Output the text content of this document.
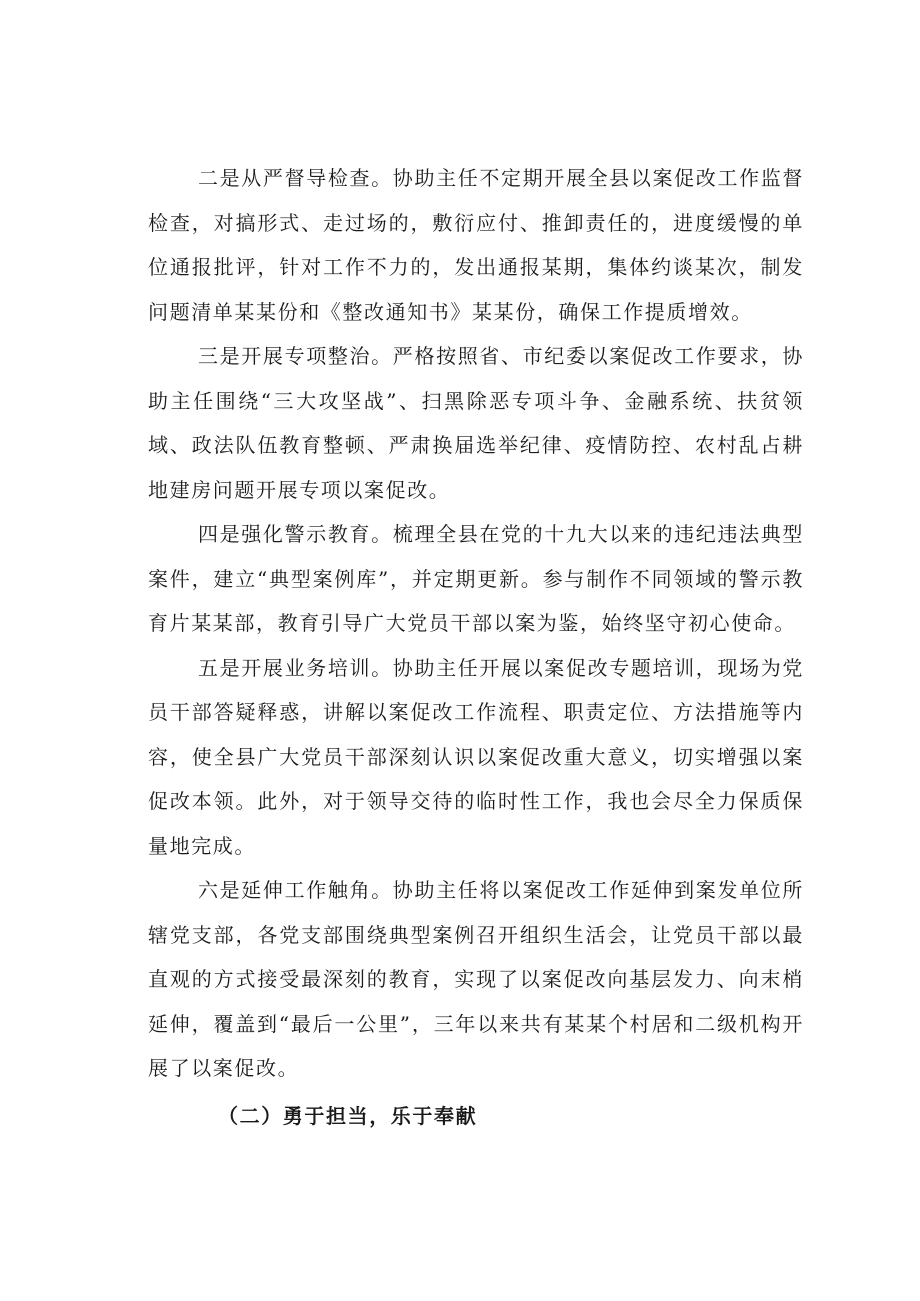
二是从严督导检查。协助主任不定期开展全县以案促改工作监督检查，对搞形式、走过场的，敷衍应付、推卸责任的，进度缓慢的单位通报批评，针对工作不力的，发出通报某期，集体约谈某次，制发问题清单某某份和《整改通知书》某某份，确保工作提质增效。

三是开展专项整治。严格按照省、市纪委以案促改工作要求，协助主任围绕“三大攻坚战”、扫黑除恶专项斗争、金融系统、扶贫领域、政法队伍教育整顿、严肃换届选举纪律、疫情防控、农村乱占耕地建房问题开展专项以案促改。

四是强化警示教育。梳理全县在党的十九大以来的违纪违法典型案件，建立“典型案例库”，并定期更新。参与制作不同领域的警示教育片某某部，教育引导广大党员干部以案为鉴，始终坚守初心使命。

五是开展业务培训。协助主任开展以案促改专题培训，现场为党员干部答疑释惑，讲解以案促改工作流程、职责定位、方法措施等内容，使全县广大党员干部深刻认识以案促改重大意义，切实增强以案促改本领。此外，对于领导交待的临时性工作，我也会尽全力保质保量地完成。

六是延伸工作触角。协助主任将以案促改工作延伸到案发单位所辖党支部，各党支部围绕典型案例召开组织生活会，让党员干部以最直观的方式接受最深刻的教育，实现了以案促改向基层发力、向末梢延伸，覆盖到“最后一公里”，三年以来共有某某个村居和二级机构开展了以案促改。

（二）勇于担当，乐于奉献
